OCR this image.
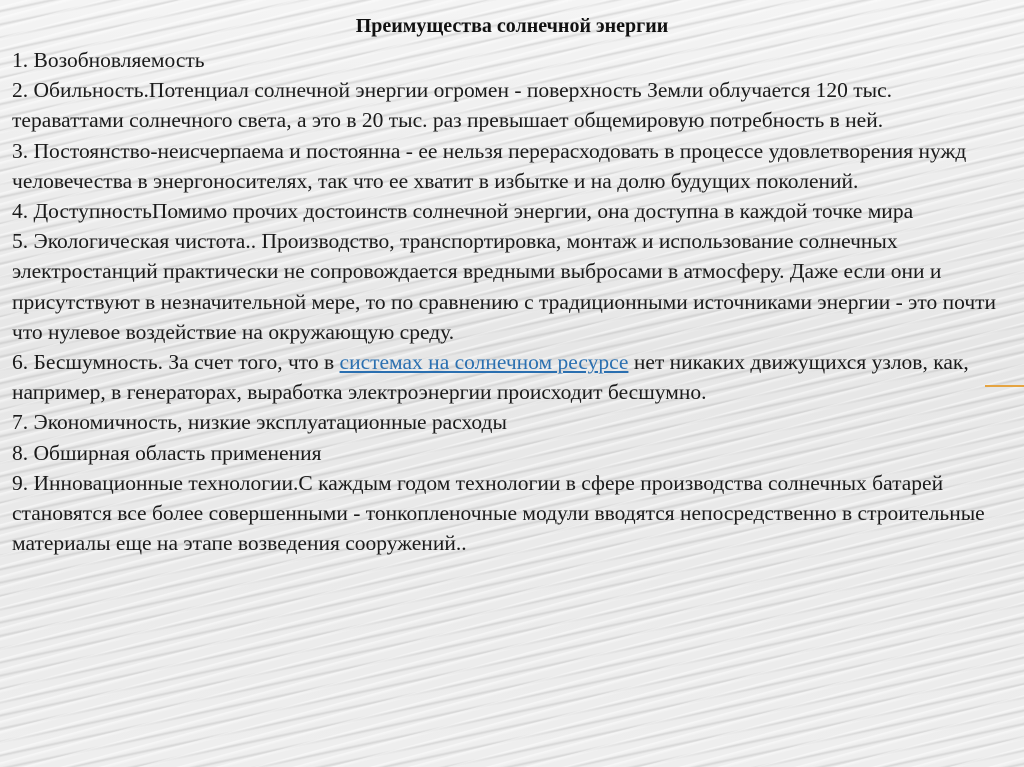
Преимущества солнечной энергии

1. Возобновляемость

2. Обильность.Потенциал солнечной энергии огромен - поверхность Земли облучается 120 тыс. тераваттами солнечного света, а это в 20 тыс. раз превышает общемировую потребность в ней.

3. Постоянство-неисчерпаема и постоянна - ее нельзя перерасходовать в процессе удовлетворения нужд человечества в энергоносителях, так что ее хватит в избытке и на долю будущих поколений.

4. ДоступностьПомимо прочих достоинств солнечной энергии, она доступна в каждой точке мира

5. Экологическая чистота.. Производство, транспортировка, монтаж и использование солнечных электростанций практически не сопровождается вредными выбросами в атмосферу. Даже если они и присутствуют в незначительной мере, то по сравнению с традиционными источниками энергии - это почти что нулевое воздействие на окружающую среду.

6. Бесшумность. За счет того, что в системах на солнечном ресурсе нет никаких движущихся узлов, как, например, в генераторах, выработка электроэнергии происходит бесшумно.

7. Экономичность, низкие эксплуатационные расходы

8. Обширная область применения

9. Инновационные технологии.С каждым годом технологии в сфере производства солнечных батарей становятся все более совершенными - тонкопленочные модули вводятся непосредственно в строительные материалы еще на этапе возведения сооружений..
